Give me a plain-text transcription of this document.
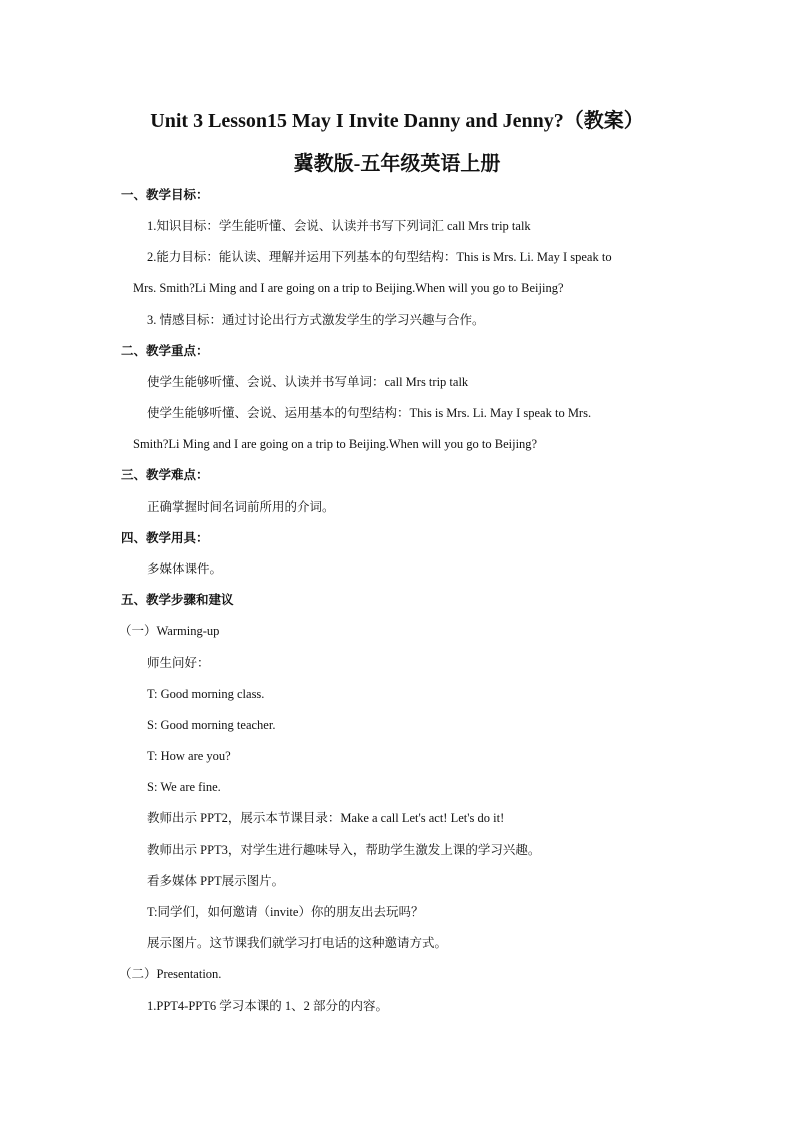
Unit 3 Lesson15 May I Invite Danny and Jenny?（教案）
冀教版-五年级英语上册
一、教学目标：
1.知识目标：学生能听懂、会说、认读并书写下列词汇 call Mrs trip talk
2.能力目标：能认读、理解并运用下列基本的句型结构：This is Mrs. Li. May I speak to
Mrs. Smith?Li Ming and I are going on a trip to Beijing.When will you go to Beijing?
3. 情感目标：通过讨论出行方式激发学生的学习兴趣与合作。
二、教学重点：
使学生能够听懂、会说、认读并书写单词：call Mrs trip talk
使学生能够听懂、会说、运用基本的句型结构：This is Mrs. Li. May I speak to Mrs.
Smith?Li Ming and I are going on a trip to Beijing.When will you go to Beijing?
三、教学难点：
正确掌握时间名词前所用的介词。
四、教学用具：
多媒体课件。
五、教学步骤和建议
（一）Warming-up
师生问好：
T: Good morning class.
S: Good morning teacher.
T: How are you?
S: We are fine.
教师出示 PPT2，展示本节课目录：Make a call Let's act! Let's do it!
教师出示 PPT3，对学生进行趣味导入，帮助学生激发上课的学习兴趣。
看多媒体 PPT展示图片。
T:同学们，如何邀请（invite）你的朋友出去玩吗？
展示图片。这节课我们就学习打电话的这种邀请方式。
（二）Presentation.
1.PPT4-PPT6 学习本课的 1、2 部分的内容。
